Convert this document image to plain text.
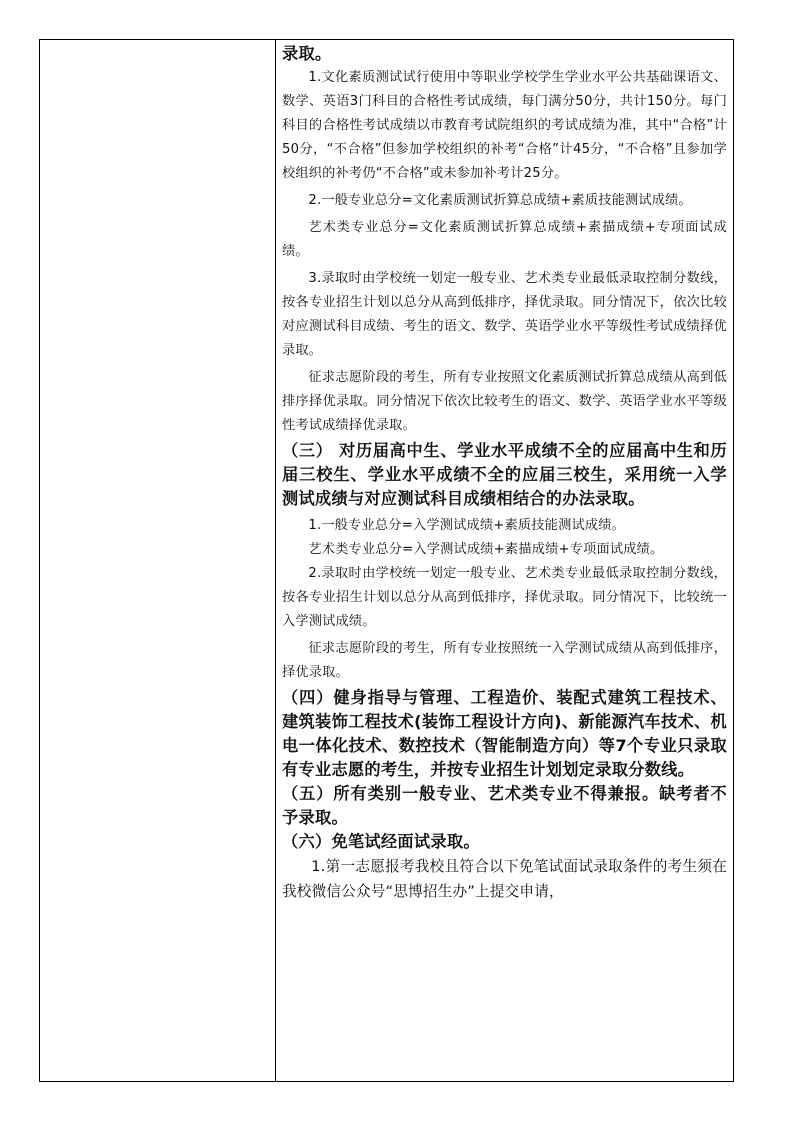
录取。

1.文化素质测试试行使用中等职业学校学生学业水平公共基础课语文、数学、英语3门科目的合格性考试成绩，每门满分50分，共计150分。每门科目的合格性考试成绩以市教育考试院组织的考试成绩为准，其中“合格”计50分，“不合格”但参加学校组织的补考“合格”计45分，“不合格”且参加学校组织的补考仍“不合格”或未参加补考计25分。

2.一般专业总分=文化素质测试折算总成绩+素质技能测试成绩。

艺术类专业总分=文化素质测试折算总成绩+素描成绩+专项面试成绩。

3.录取时由学校统一划定一般专业、艺术类专业最低录取控制分数线，按各专业招生计划以总分从高到低排序，择优录取。同分情况下，依次比较对应测试科目成绩、考生的语文、数学、英语学业水平等级性考试成绩择优录取。

征求志愿阶段的考生，所有专业按照文化素质测试折算总成绩从高到低排序择优录取。同分情况下依次比较考生的语文、数学、英语学业水平等级性考试成绩择优录取。

（三） 对历届高中生、学业水平成绩不全的应届高中生和历届三校生、学业水平成绩不全的应届三校生，采用统一入学测试成绩与对应测试科目成绩相结合的办法录取。

1.一般专业总分=入学测试成绩+素质技能测试成绩。

艺术类专业总分=入学测试成绩+素描成绩+专项面试成绩。

2.录取时由学校统一划定一般专业、艺术类专业最低录取控制分数线，按各专业招生计划以总分从高到低排序，择优录取。同分情况下，比较统一入学测试成绩。

征求志愿阶段的考生，所有专业按照统一入学测试成绩从高到低排序，择优录取。

（四）健身指导与管理、工程造价、装配式建筑工程技术、建筑装饰工程技术(装饰工程设计方向)、新能源汽车技术、机电一体化技术、数控技术（智能制造方向）等7个专业只录取有专业志愿的考生，并按专业招生计划划定录取分数线。

（五）所有类别一般专业、艺术类专业不得兼报。缺考者不予录取。

（六）免笔试经面试录取。

1.第一志愿报考我校且符合以下免笔试面试录取条件的考生须在我校微信公众号“思博招生办”上提交申请，
